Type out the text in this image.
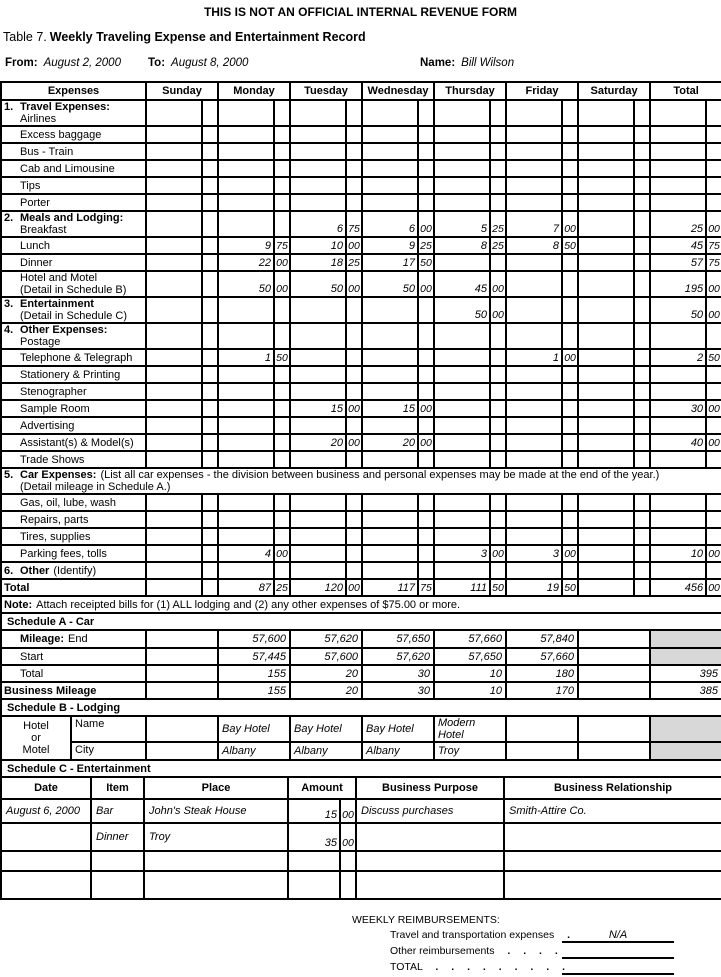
THIS IS NOT AN OFFICIAL INTERNAL REVENUE FORM
Table 7. Weekly Traveling Expense and Entertainment Record
From: August 2, 2000 To: August 8, 2000	Name: Bill Wilson
Expenses	Sunday		Monday		Tuesday		Wednesday		Thursday		Friday		Saturday		Total	

1. Travel Expenses:
Airlines																

Excess baggage																

Bus - Train																

Cab and Limousine																

Tips																

Porter																

2. Meals and Lodging:
Breakfast					6	75	6	00	5	25	7	00			25	00

Lunch			9	75	10	00	9	25	8	25	8	50			45	75

Dinner			22	00	18	25	17	50							57	75

Hotel and Motel
(Detail in Schedule B)			50	00	50	00	50	00	45	00					195	00

3. Entertainment
(Detail in Schedule C)									50	00					50	00

4. Other Expenses:
Postage																

Telephone & Telegraph			1	50							1	00			2	50

Stationery & Printing																

Stenographer																

Sample Room					15	00	15	00							30	00

Advertising																

Assistant(s) & Model(s)					20	00	20	00							40	00

Trade Shows																

5. Car Expenses: (List all car expenses - the division between business and personal expenses may be made at the end of the year.)
(Detail mileage in Schedule A.)																

Gas, oil, lube, wash																

Repairs, parts																

Tires, supplies																

Parking fees, tolls			4	00					3	00	3	00			10	00

6. Other (Identify)																

Total			87	25	120	00	117	75	111	50	19	50			456	00

Note: Attach receipted bills for (1) ALL lodging and (2) any other expenses of $75.00 or more.																
Schedule A - Car								

Mileage: End		57,600	57,620	57,650	57,660	57,840		

Start		57,445	57,600	57,620	57,650	57,660		

Total		155	20	30	10	180		395

Business Mileage		155	20	30	10	170		385
Schedule B - Lodging									

Hotel
or
Motel	Name		Bay Hotel	Bay Hotel	Bay Hotel	Modern Hotel			
	City		Albany	Albany	Albany	Troy			
Schedule C - Entertainment						
Date	Item	Place	Amount		Business Purpose	Business Relationship
August 6, 2000	Bar	John's Steak House	15	00	Discuss purchases	Smith-Attire Co.
	Dinner	Troy	35	00		

WEEKLY REIMBURSEMENTS:
Travel and transportation expenses .	N/A
Other reimbursements . . . .
TOTAL . . . . . . . . .
